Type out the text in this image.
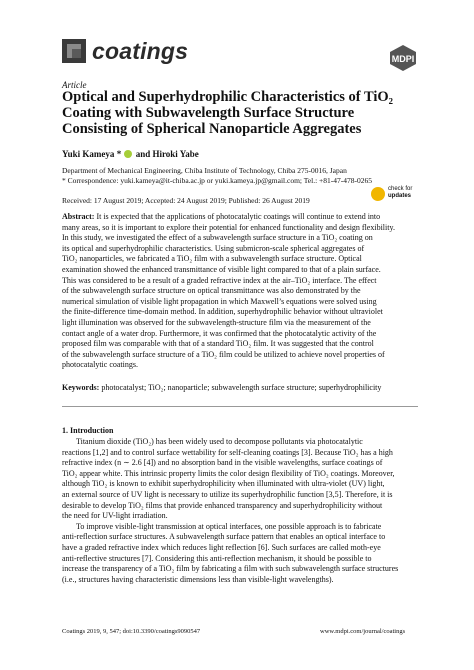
coatings	MDPI
Article
Optical and Superhydrophilic Characteristics of TiO₂
Coating with Subwavelength Surface Structure
Consisting of Spherical Nanoparticle Aggregates
Yuki Kameya * and Hiroki Yabe
Department of Mechanical Engineering, Chiba Institute of Technology, Chiba 275-0016, Japan
* Correspondence: yuki.kameya@it-chiba.ac.jp or yuki.kameya.jp@gmail.com; Tel.: +81-47-478-0265
Received: 17 August 2019; Accepted: 24 August 2019; Published: 26 August 2019
check for
updates
Abstract: It is expected that the applications of photocatalytic coatings will continue to extend into
many areas, so it is important to explore their potential for enhanced functionality and design flexibility.
In this study, we investigated the effect of a subwavelength surface structure in a TiO₂ coating on
its optical and superhydrophilic characteristics. Using submicron-scale spherical aggregates of
TiO₂ nanoparticles, we fabricated a TiO₂ film with a subwavelength surface structure. Optical
examination showed the enhanced transmittance of visible light compared to that of a plain surface.
This was considered to be a result of a graded refractive index at the air–TiO₂ interface. The effect
of the subwavelength surface structure on optical transmittance was also demonstrated by the
numerical simulation of visible light propagation in which Maxwell’s equations were solved using
the finite-difference time-domain method. In addition, superhydrophilic behavior without ultraviolet
light illumination was observed for the subwavelength-structure film via the measurement of the
contact angle of a water drop. Furthermore, it was confirmed that the photocatalytic activity of the
proposed film was comparable with that of a standard TiO₂ film. It was suggested that the control
of the subwavelength surface structure of a TiO₂ film could be utilized to achieve novel properties of
photocatalytic coatings.
Keywords: photocatalyst; TiO₂; nanoparticle; subwavelength surface structure; superhydrophilicity
1. Introduction
Titanium dioxide (TiO₂) has been widely used to decompose pollutants via photocatalytic
reactions [1,2] and to control surface wettability for self-cleaning coatings [3]. Because TiO₂ has a high
refractive index (n ∼ 2.6 [4]) and no absorption band in the visible wavelengths, surface coatings of
TiO₂ appear white. This intrinsic property limits the color design flexibility of TiO₂ coatings. Moreover,
although TiO₂ is known to exhibit superhydrophilicity when illuminated with ultra-violet (UV) light,
an external source of UV light is necessary to utilize its superhydrophilic function [3,5]. Therefore, it is
desirable to develop TiO₂ films that provide enhanced transparency and superhydrophilicity without
the need for UV-light irradiation.
To improve visible-light transmission at optical interfaces, one possible approach is to fabricate
anti-reflection surface structures. A subwavelength surface pattern that enables an optical interface to
have a graded refractive index which reduces light reflection [6]. Such surfaces are called moth-eye
anti-reflective structures [7]. Considering this anti-reflection mechanism, it should be possible to
increase the transparency of a TiO₂ film by fabricating a film with such subwavelength surface structures
(i.e., structures having characteristic dimensions less than visible-light wavelengths).
Coatings 2019, 9, 547; doi:10.3390/coatings9090547	www.mdpi.com/journal/coatings
